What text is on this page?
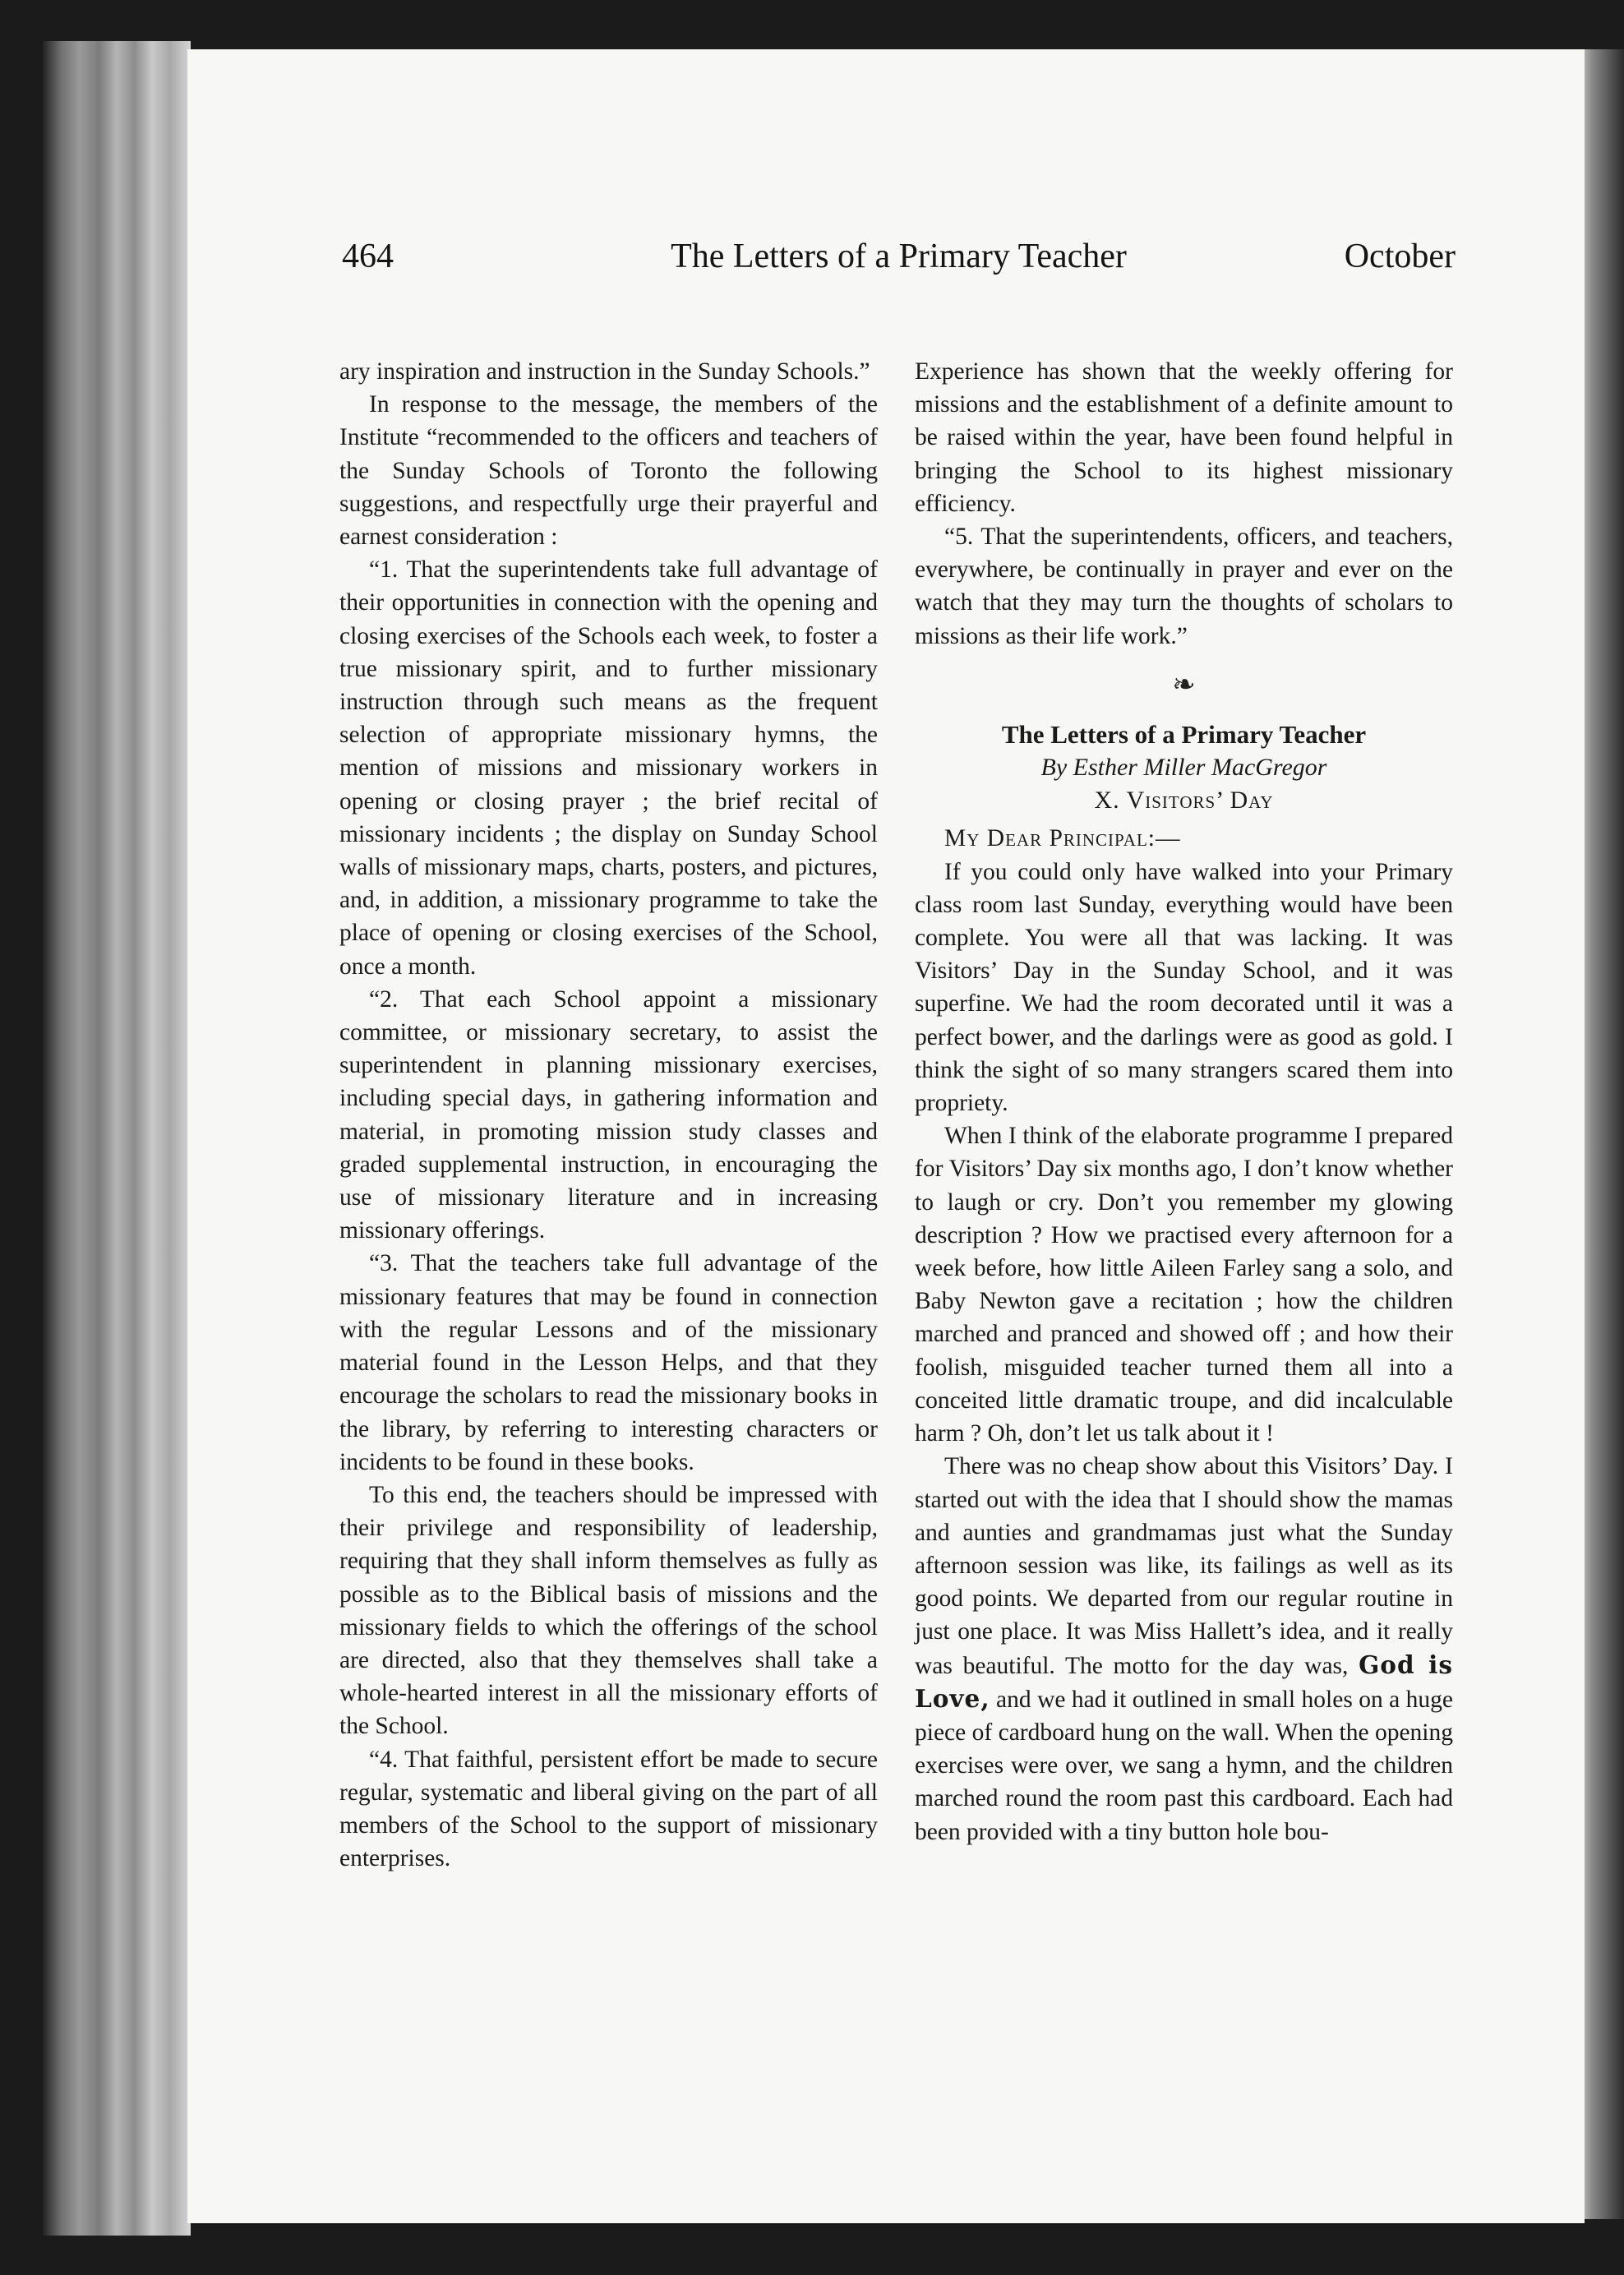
464	The Letters of a Primary Teacher	October

ary inspiration and instruction in the Sunday Schools.”

In response to the message, the members of the Institute “recommended to the officers and teachers of the Sunday Schools of Toronto the following suggestions, and respectfully urge their prayerful and earnest consideration :

“1. That the superintendents take full advantage of their opportunities in connection with the opening and closing exercises of the Schools each week, to foster a true missionary spirit, and to further missionary instruction through such means as the frequent selection of appropriate missionary hymns, the mention of missions and missionary workers in opening or closing prayer ; the brief recital of missionary incidents ; the display on Sunday School walls of missionary maps, charts, posters, and pictures, and, in addition, a missionary programme to take the place of opening or closing exercises of the School, once a month.

“2. That each School appoint a missionary committee, or missionary secretary, to assist the superintendent in planning missionary exercises, including special days, in gathering information and material, in promoting mission study classes and graded supplemental instruction, in encouraging the use of missionary literature and in increasing missionary offerings.

“3. That the teachers take full advantage of the missionary features that may be found in connection with the regular Lessons and of the missionary material found in the Lesson Helps, and that they encourage the scholars to read the missionary books in the library, by referring to interesting characters or incidents to be found in these books.

To this end, the teachers should be impressed with their privilege and responsibility of leadership, requiring that they shall inform themselves as fully as possible as to the Biblical basis of missions and the missionary fields to which the offerings of the school are directed, also that they themselves shall take a whole-hearted interest in all the missionary efforts of the School.

“4. That faithful, persistent effort be made to secure regular, systematic and liberal giving on the part of all members of the School to the support of missionary enterprises.

Experience has shown that the weekly offering for missions and the establishment of a definite amount to be raised within the year, have been found helpful in bringing the School to its highest missionary efficiency.

“5. That the superintendents, officers, and teachers, everywhere, be continually in prayer and ever on the watch that they may turn the thoughts of scholars to missions as their life work.”

❧
The Letters of a Primary Teacher
By Esther Miller MacGregor
X. Visitors’ Day

My Dear Principal:—

If you could only have walked into your Primary class room last Sunday, everything would have been complete. You were all that was lacking. It was Visitors’ Day in the Sunday School, and it was superfine. We had the room decorated until it was a perfect bower, and the darlings were as good as gold. I think the sight of so many strangers scared them into propriety.

When I think of the elaborate programme I prepared for Visitors’ Day six months ago, I don’t know whether to laugh or cry. Don’t you remember my glowing description ? How we practised every afternoon for a week before, how little Aileen Farley sang a solo, and Baby Newton gave a recitation ; how the children marched and pranced and showed off ; and how their foolish, misguided teacher turned them all into a conceited little dramatic troupe, and did incalculable harm ? Oh, don’t let us talk about it !

There was no cheap show about this Visitors’ Day. I started out with the idea that I should show the mamas and aunties and grandmamas just what the Sunday afternoon session was like, its failings as well as its good points. We departed from our regular routine in just one place. It was Miss Hallett’s idea, and it really was beautiful. The motto for the day was, God is Love, and we had it outlined in small holes on a huge piece of cardboard hung on the wall. When the opening exercises were over, we sang a hymn, and the children marched round the room past this cardboard. Each had been provided with a tiny button hole bou-
